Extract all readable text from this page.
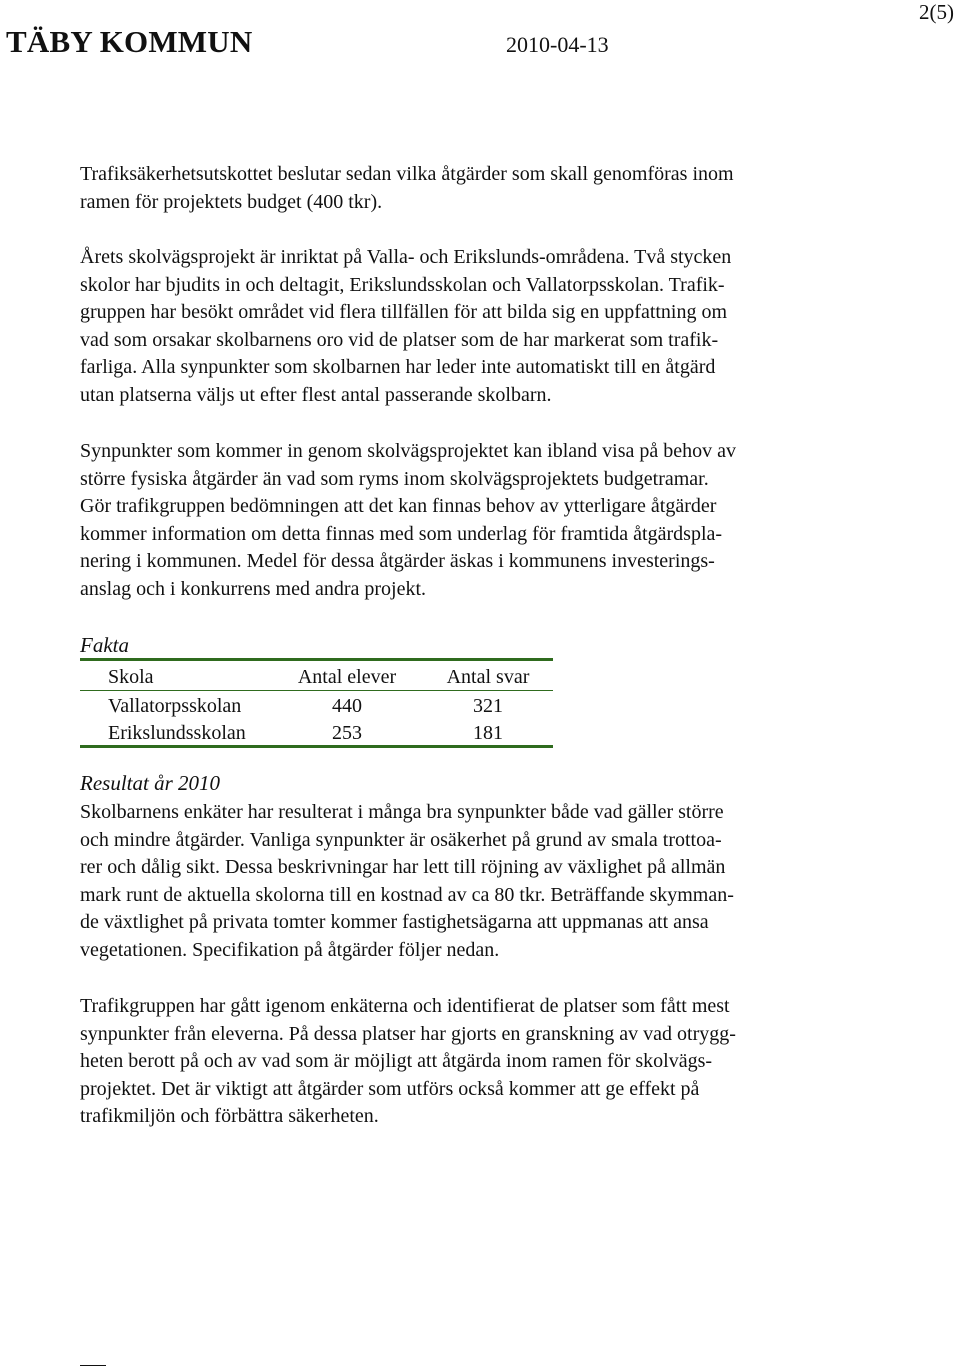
2(5)
TÄBY KOMMUN	2010-04-13
Trafiksäkerhetsutskottet beslutar sedan vilka åtgärder som skall genomföras inom
ramen för projektets budget (400 tkr).
Årets skolvägsprojekt är inriktat på Valla- och Erikslunds-områdena. Två stycken
skolor har bjudits in och deltagit, Erikslundsskolan och Vallatorpsskolan. Trafik-
gruppen har besökt området vid flera tillfällen för att bilda sig en uppfattning om
vad som orsakar skolbarnens oro vid de platser som de har markerat som trafik-
farliga. Alla synpunkter som skolbarnen har leder inte automatiskt till en åtgärd
utan platserna väljs ut efter flest antal passerande skolbarn.
Synpunkter som kommer in genom skolvägsprojektet kan ibland visa på behov av
större fysiska åtgärder än vad som ryms inom skolvägsprojektets budgetramar.
Gör trafikgruppen bedömningen att det kan finnas behov av ytterligare åtgärder
kommer information om detta finnas med som underlag för framtida åtgärdspla-
nering i kommunen. Medel för dessa åtgärder äskas i kommunens investerings-
anslag och i konkurrens med andra projekt.
Fakta
Skola	Antal elever	Antal svar
Vallatorpsskolan	440	321
Erikslundsskolan	253	181
Resultat år 2010
Skolbarnens enkäter har resulterat i många bra synpunkter både vad gäller större
och mindre åtgärder. Vanliga synpunkter är osäkerhet på grund av smala trottoa-
rer och dålig sikt. Dessa beskrivningar har lett till röjning av växlighet på allmän
mark runt de aktuella skolorna till en kostnad av ca 80 tkr. Beträffande skymman-
de växtlighet på privata tomter kommer fastighetsägarna att uppmanas att ansa
vegetationen. Specifikation på åtgärder följer nedan.
Trafikgruppen har gått igenom enkäterna och identifierat de platser som fått mest
synpunkter från eleverna. På dessa platser har gjorts en granskning av vad otrygg-
heten berott på och av vad som är möjligt att åtgärda inom ramen för skolvägs-
projektet. Det är viktigt att åtgärder som utförs också kommer att ge effekt på
trafikmiljön och förbättra säkerheten.
